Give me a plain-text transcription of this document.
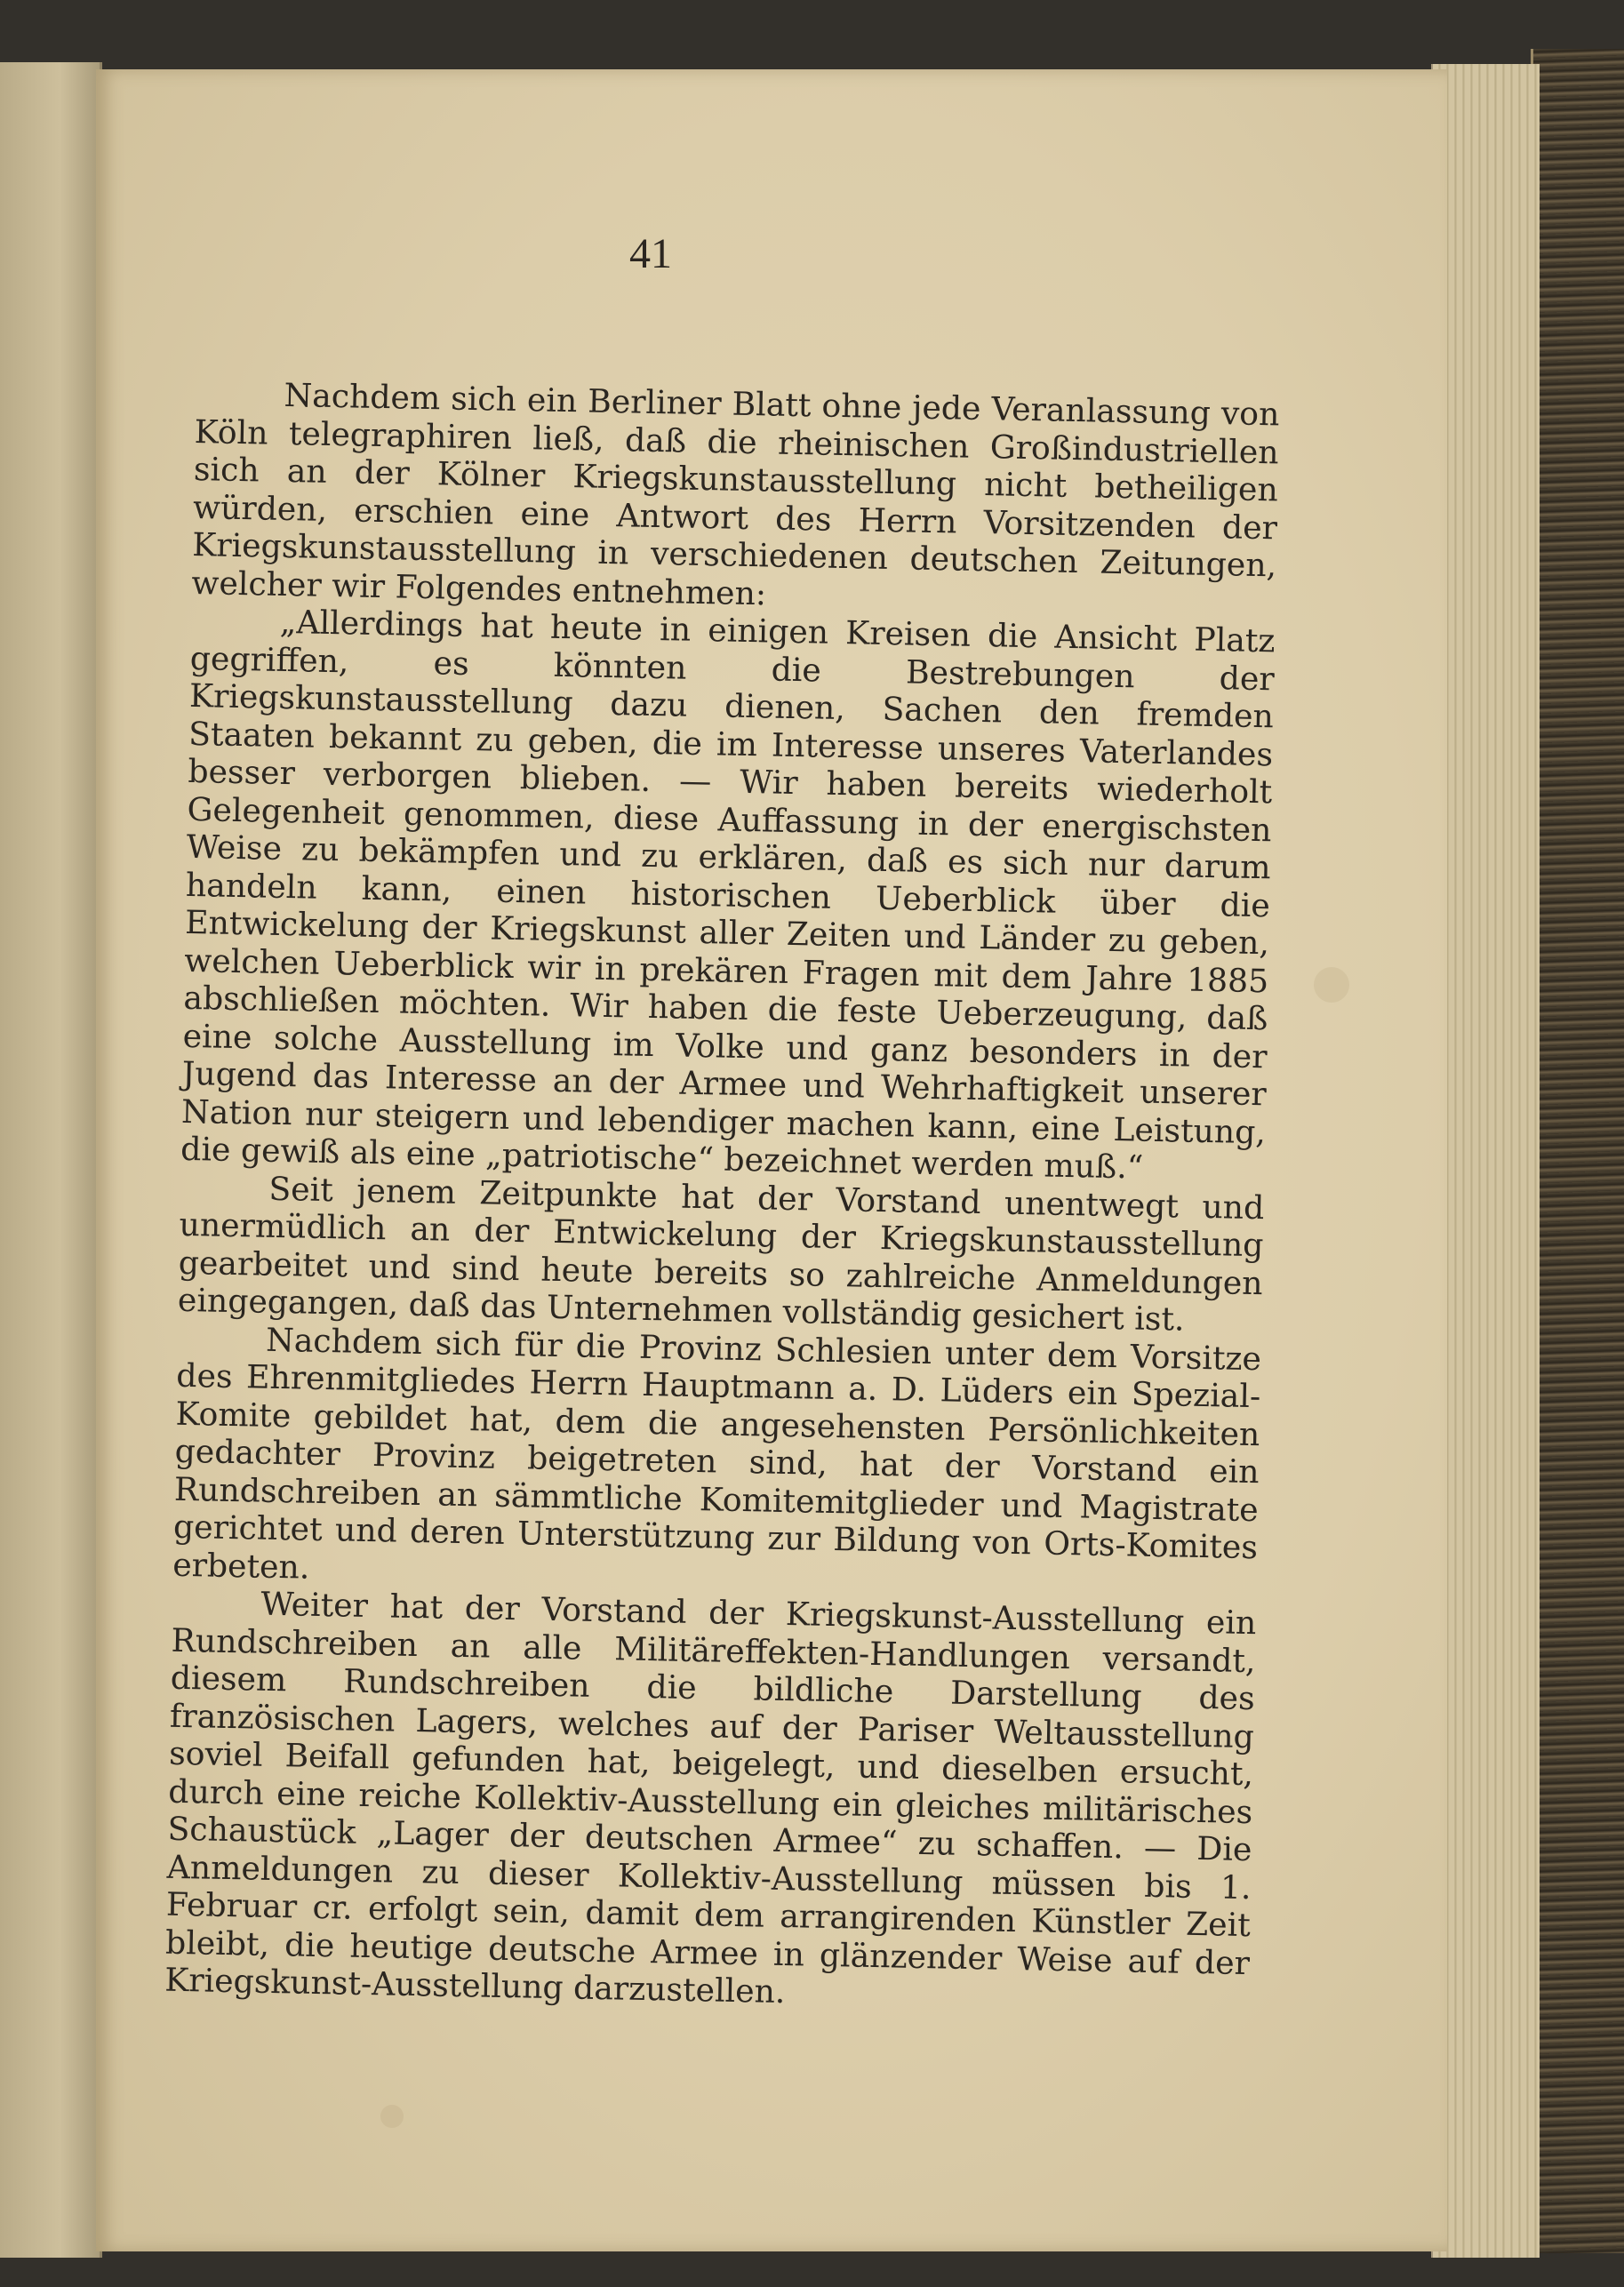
41

Nachdem sich ein Berliner Blatt ohne jede Veranlassung von Köln telegraphiren ließ, daß die rheinischen Großindustriellen sich an der Kölner Kriegskunstausstellung nicht betheiligen würden, erschien eine Antwort des Herrn Vorsitzenden der Kriegskunstausstellung in verschiedenen deutschen Zeitungen, welcher wir Folgendes entnehmen:

„Allerdings hat heute in einigen Kreisen die Ansicht Platz gegriffen, es könnten die Bestrebungen der Kriegskunstausstellung dazu dienen, Sachen den fremden Staaten bekannt zu geben, die im Interesse unseres Vaterlandes besser verborgen blieben. — Wir haben bereits wiederholt Gelegenheit genommen, diese Auffassung in der energischsten Weise zu bekämpfen und zu erklären, daß es sich nur darum handeln kann, einen historischen Ueberblick über die Entwickelung der Kriegskunst aller Zeiten und Länder zu geben, welchen Ueberblick wir in prekären Fragen mit dem Jahre 1885 abschließen möchten. Wir haben die feste Ueberzeugung, daß eine solche Ausstellung im Volke und ganz besonders in der Jugend das Interesse an der Armee und Wehrhaftigkeit unserer Nation nur steigern und lebendiger machen kann, eine Leistung, die gewiß als eine „patriotische“ bezeichnet werden muß.“

Seit jenem Zeitpunkte hat der Vorstand unentwegt und unermüdlich an der Entwickelung der Kriegskunstausstellung gearbeitet und sind heute bereits so zahlreiche Anmeldungen eingegangen, daß das Unternehmen vollständig gesichert ist.

Nachdem sich für die Provinz Schlesien unter dem Vorsitze des Ehrenmitgliedes Herrn Hauptmann a. D. Lüders ein Spezial-Komite gebildet hat, dem die angesehensten Persönlichkeiten gedachter Provinz beigetreten sind, hat der Vorstand ein Rundschreiben an sämmtliche Komitemitglieder und Magistrate gerichtet und deren Unterstützung zur Bildung von Orts-Komites erbeten.

Weiter hat der Vorstand der Kriegskunst-Ausstellung ein Rundschreiben an alle Militäreffekten-Handlungen versandt, diesem Rundschreiben die bildliche Darstellung des französischen Lagers, welches auf der Pariser Weltausstellung soviel Beifall gefunden hat, beigelegt, und dieselben ersucht, durch eine reiche Kollektiv-Ausstellung ein gleiches militärisches Schaustück „Lager der deutschen Armee“ zu schaffen. — Die Anmeldungen zu dieser Kollektiv-Ausstellung müssen bis 1. Februar cr. erfolgt sein, damit dem arrangirenden Künstler Zeit bleibt, die heutige deutsche Armee in glänzender Weise auf der Kriegskunst-Ausstellung darzustellen.
